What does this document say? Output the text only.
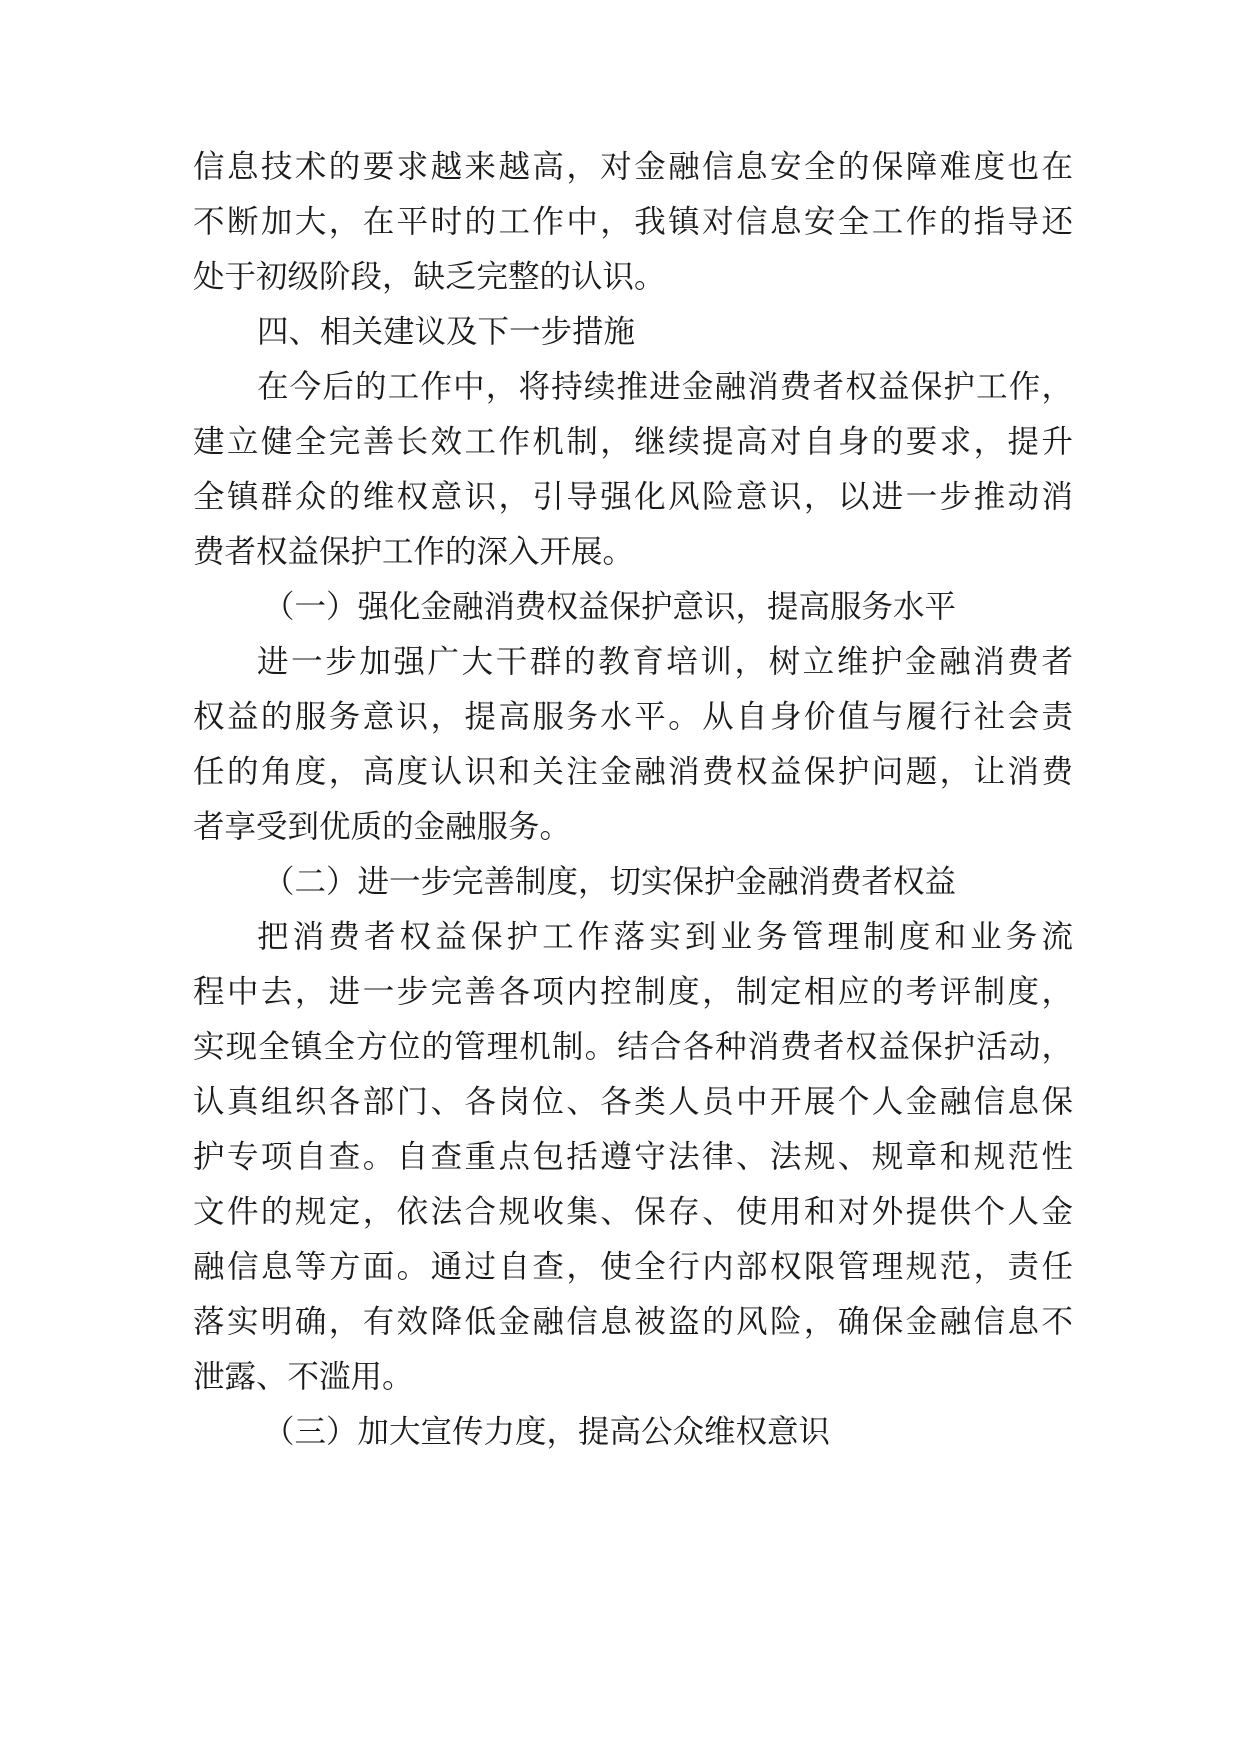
信息技术的要求越来越高，对金融信息安全的保障难度也在
不断加大，在平时的工作中，我镇对信息安全工作的指导还
处于初级阶段，缺乏完整的认识。
四、相关建议及下一步措施
在今后的工作中，将持续推进金融消费者权益保护工作，
建立健全完善长效工作机制，继续提高对自身的要求，提升
全镇群众的维权意识，引导强化风险意识，以进一步推动消
费者权益保护工作的深入开展。
（一）强化金融消费权益保护意识，提高服务水平
进一步加强广大干群的教育培训，树立维护金融消费者
权益的服务意识，提高服务水平。从自身价值与履行社会责
任的角度，高度认识和关注金融消费权益保护问题，让消费
者享受到优质的金融服务。
（二）进一步完善制度，切实保护金融消费者权益
把消费者权益保护工作落实到业务管理制度和业务流
程中去，进一步完善各项内控制度，制定相应的考评制度，
实现全镇全方位的管理机制。结合各种消费者权益保护活动，
认真组织各部门、各岗位、各类人员中开展个人金融信息保
护专项自查。自查重点包括遵守法律、法规、规章和规范性
文件的规定，依法合规收集、保存、使用和对外提供个人金
融信息等方面。通过自查，使全行内部权限管理规范，责任
落实明确，有效降低金融信息被盗的风险，确保金融信息不
泄露、不滥用。
（三）加大宣传力度，提高公众维权意识
